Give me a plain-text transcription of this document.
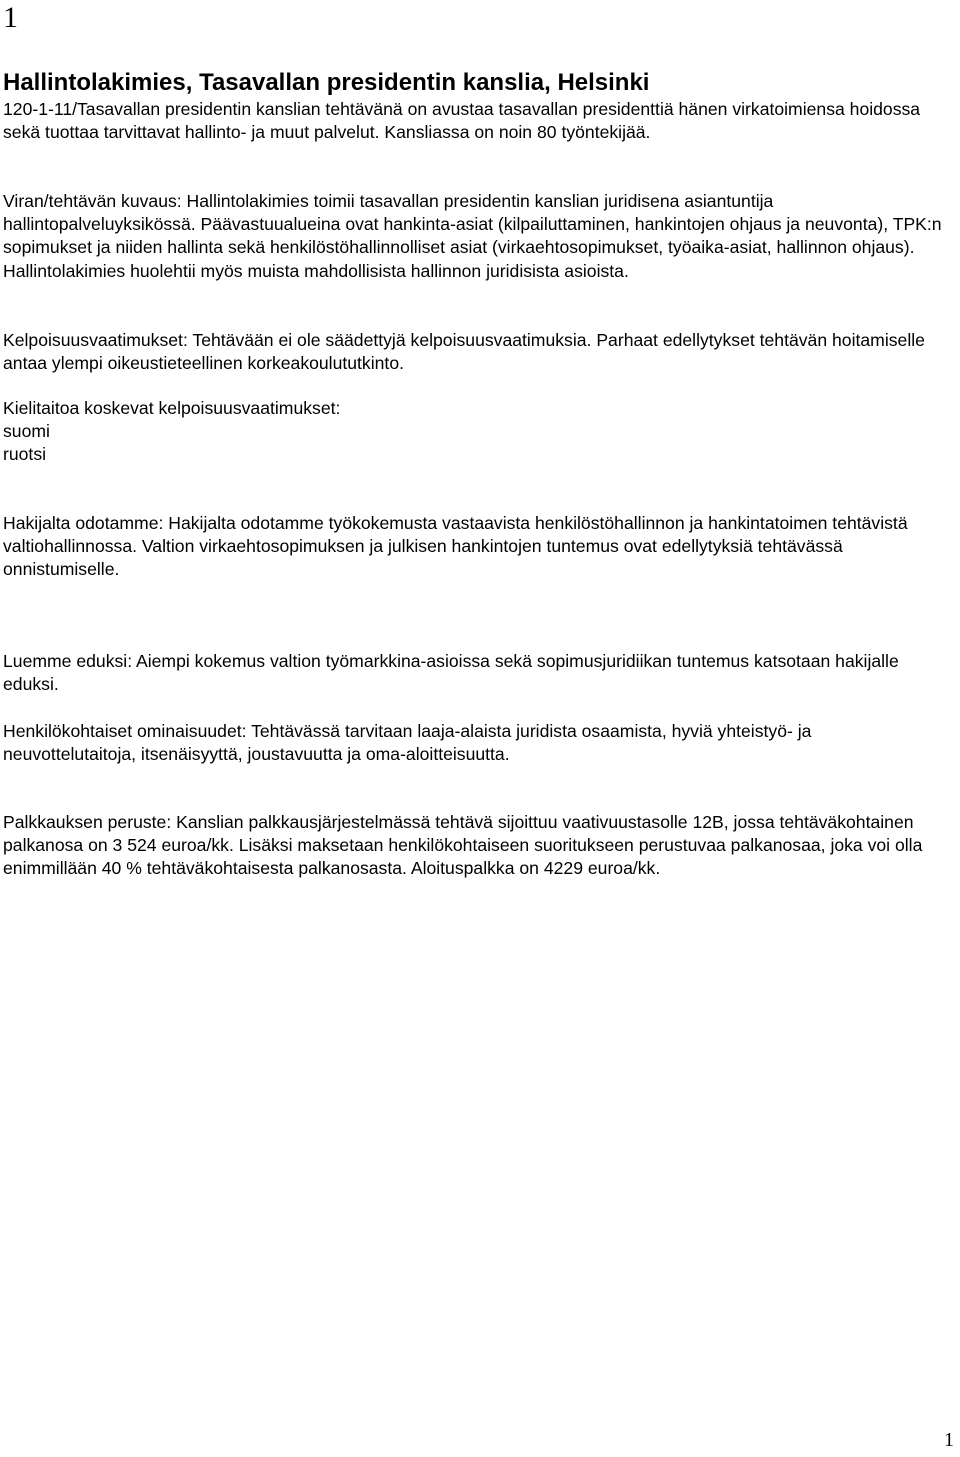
1
Hallintolakimies, Tasavallan presidentin kanslia, Helsinki

120-1-11/Tasavallan presidentin kanslian tehtävänä on avustaa tasavallan presidenttiä hänen virkatoimiensa hoidossa sekä tuottaa tarvittavat hallinto- ja muut palvelut. Kansliassa on noin 80 työntekijää.

Viran/tehtävän kuvaus: Hallintolakimies toimii tasavallan presidentin kanslian juridisena asiantuntija hallintopalveluyksikössä. Päävastuualueina ovat hankinta-asiat (kilpailuttaminen, hankintojen ohjaus ja neuvonta), TPK:n sopimukset ja niiden hallinta sekä henkilöstöhallinnolliset asiat (virkaehtosopimukset, työaika-asiat, hallinnon ohjaus). Hallintolakimies huolehtii myös muista mahdollisista hallinnon juridisista asioista.

Kelpoisuusvaatimukset: Tehtävään ei ole säädettyjä kelpoisuusvaatimuksia. Parhaat edellytykset tehtävän hoitamiselle antaa ylempi oikeustieteellinen korkeakoulututkinto.

Kielitaitoa koskevat kelpoisuusvaatimukset:
suomi
ruotsi

Hakijalta odotamme: Hakijalta odotamme työkokemusta vastaavista henkilöstöhallinnon ja hankintatoimen tehtävistä valtiohallinnossa. Valtion virkaehtosopimuksen ja julkisen hankintojen tuntemus ovat edellytyksiä tehtävässä onnistumiselle.

Luemme eduksi: Aiempi kokemus valtion työmarkkina-asioissa sekä sopimusjuridiikan tuntemus katsotaan hakijalle eduksi.

Henkilökohtaiset ominaisuudet: Tehtävässä tarvitaan laaja-alaista juridista osaamista, hyviä yhteistyö- ja neuvottelutaitoja, itsenäisyyttä, joustavuutta ja oma-aloitteisuutta.

Palkkauksen peruste: Kanslian palkkausjärjestelmässä tehtävä sijoittuu vaativuustasolle 12B, jossa tehtäväkohtainen palkanosa on 3 524 euroa/kk. Lisäksi maksetaan henkilökohtaiseen suoritukseen perustuvaa palkanosaa, joka voi olla enimmillään 40 % tehtäväkohtaisesta palkanosasta. Aloituspalkka on 4229 euroa/kk.

1
